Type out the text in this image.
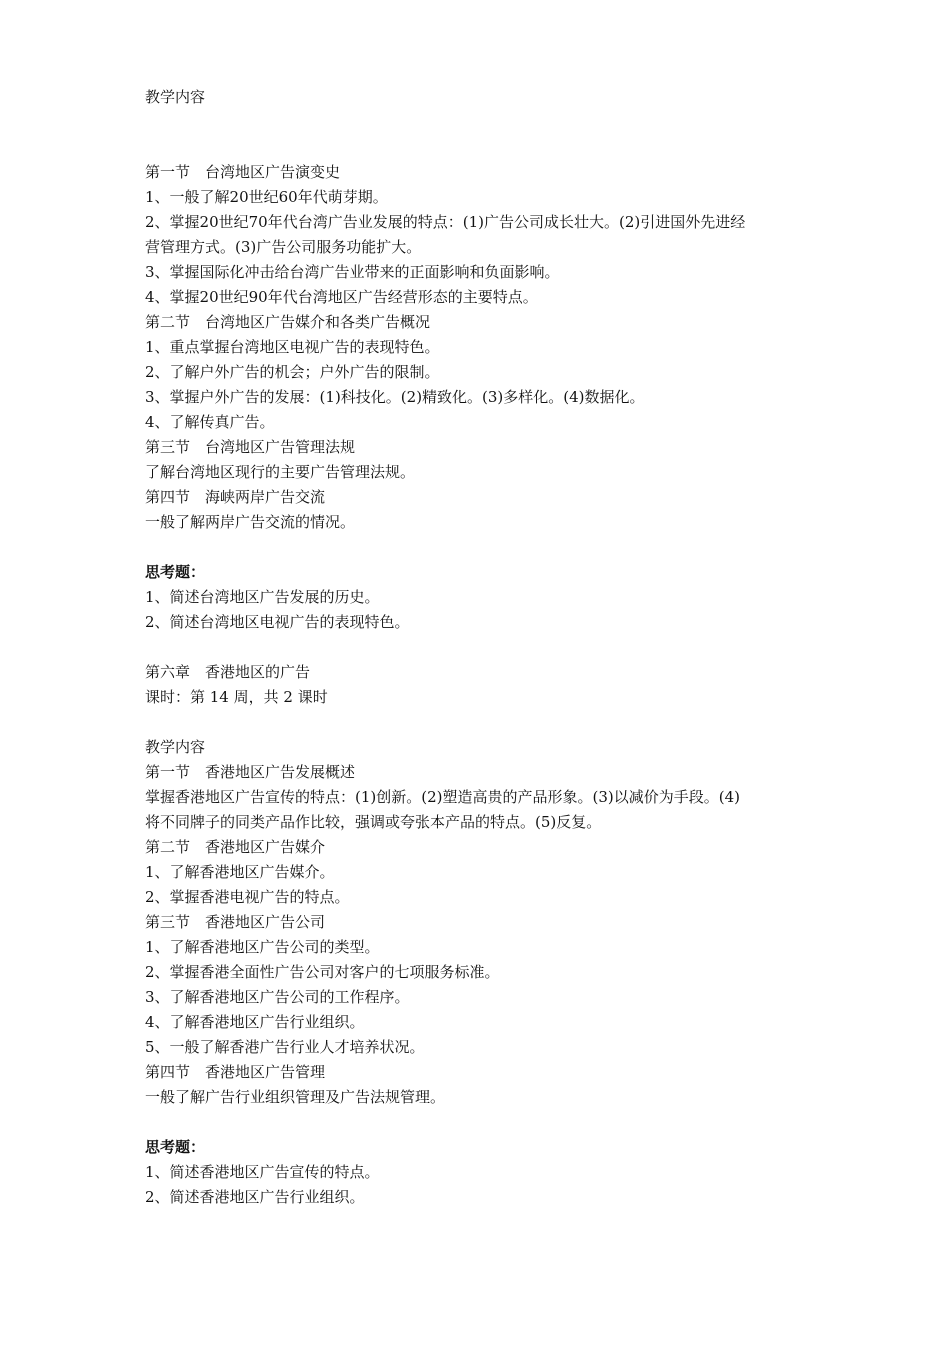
教学内容
第一节　台湾地区广告演变史
1、一般了解20世纪60年代萌芽期。
2、掌握20世纪70年代台湾广告业发展的特点：(1)广告公司成长壮大。(2)引进国外先进经
营管理方式。(3)广告公司服务功能扩大。
3、掌握国际化冲击给台湾广告业带来的正面影响和负面影响。
4、掌握20世纪90年代台湾地区广告经营形态的主要特点。
第二节　台湾地区广告媒介和各类广告概况
1、重点掌握台湾地区电视广告的表现特色。
2、了解户外广告的机会；户外广告的限制。
3、掌握户外广告的发展：(1)科技化。(2)精致化。(3)多样化。(4)数据化。
4、了解传真广告。
第三节　台湾地区广告管理法规
了解台湾地区现行的主要广告管理法规。
第四节　海峡两岸广告交流
一般了解两岸广告交流的情况。
思考题：
1、简述台湾地区广告发展的历史。
2、简述台湾地区电视广告的表现特色。
第六章　香港地区的广告
课时：第 14 周，共 2 课时
教学内容
第一节　香港地区广告发展概述
掌握香港地区广告宣传的特点：(1)创新。(2)塑造高贵的产品形象。(3)以减价为手段。(4)
将不同牌子的同类产品作比较，强调或夸张本产品的特点。(5)反复。
第二节　香港地区广告媒介
1、了解香港地区广告媒介。
2、掌握香港电视广告的特点。
第三节　香港地区广告公司
1、了解香港地区广告公司的类型。
2、掌握香港全面性广告公司对客户的七项服务标准。
3、了解香港地区广告公司的工作程序。
4、了解香港地区广告行业组织。
5、一般了解香港广告行业人才培养状况。
第四节　香港地区广告管理
一般了解广告行业组织管理及广告法规管理。
思考题：
1、简述香港地区广告宣传的特点。
2、简述香港地区广告行业组织。
